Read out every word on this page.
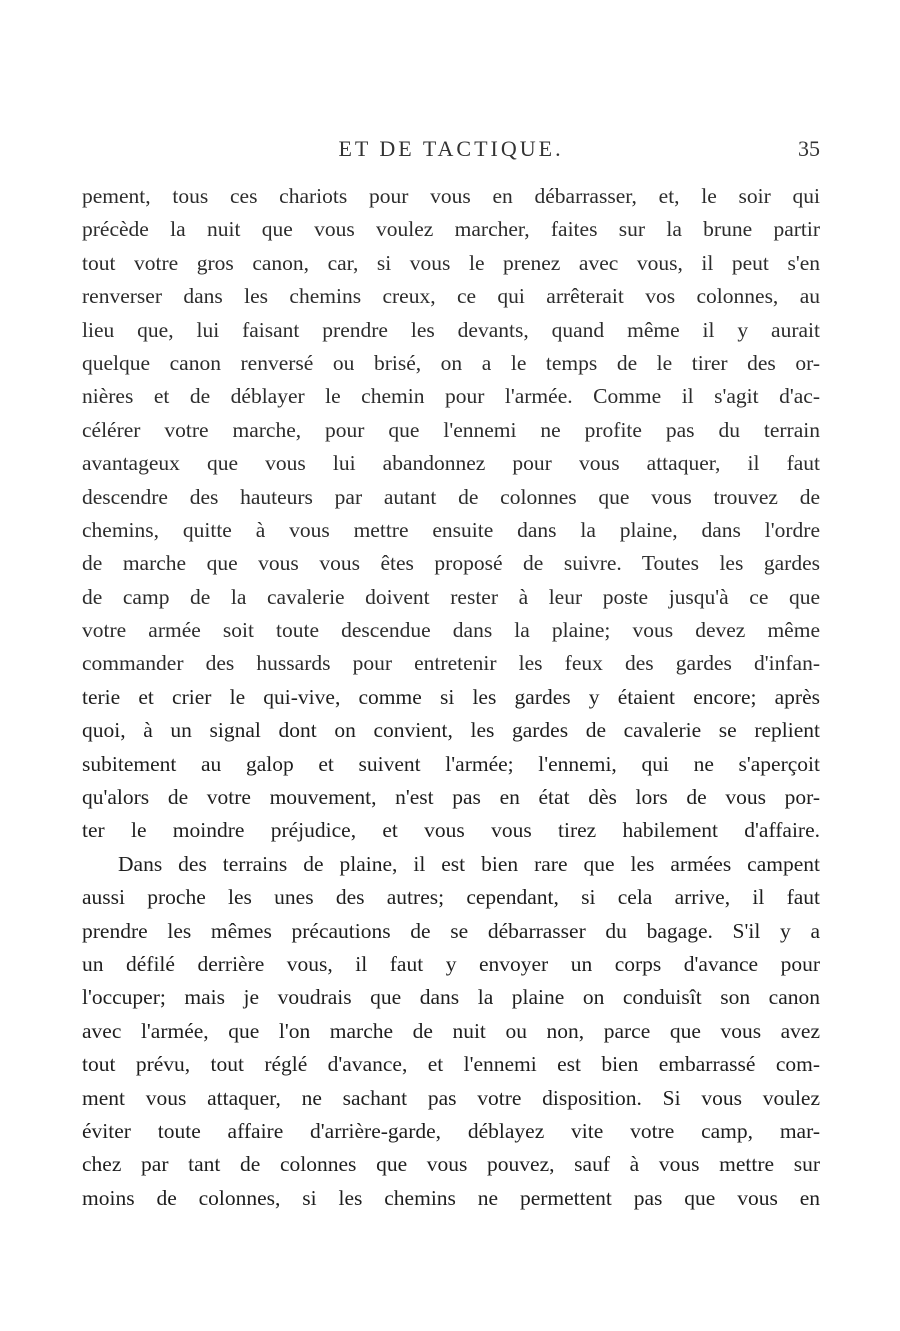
ET DE TACTIQUE.	35
pement, tous ces chariots pour vous en débarrasser, et, le soir qui
précède la nuit que vous voulez marcher, faites sur la brune partir
tout votre gros canon, car, si vous le prenez avec vous, il peut s'en
renverser dans les chemins creux, ce qui arrêterait vos colonnes, au
lieu que, lui faisant prendre les devants, quand même il y aurait
quelque canon renversé ou brisé, on a le temps de le tirer des or-
nières et de déblayer le chemin pour l'armée. Comme il s'agit d'ac-
célérer votre marche, pour que l'ennemi ne profite pas du terrain
avantageux que vous lui abandonnez pour vous attaquer, il faut
descendre des hauteurs par autant de colonnes que vous trouvez de
chemins, quitte à vous mettre ensuite dans la plaine, dans l'ordre
de marche que vous vous êtes proposé de suivre. Toutes les gardes
de camp de la cavalerie doivent rester à leur poste jusqu'à ce que
votre armée soit toute descendue dans la plaine; vous devez même
commander des hussards pour entretenir les feux des gardes d'infan-
terie et crier le qui-vive, comme si les gardes y étaient encore; après
quoi, à un signal dont on convient, les gardes de cavalerie se replient
subitement au galop et suivent l'armée; l'ennemi, qui ne s'aperçoit
qu'alors de votre mouvement, n'est pas en état dès lors de vous por-
ter le moindre préjudice, et vous vous tirez habilement d'affaire.
Dans des terrains de plaine, il est bien rare que les armées campent
aussi proche les unes des autres; cependant, si cela arrive, il faut
prendre les mêmes précautions de se débarrasser du bagage. S'il y a
un défilé derrière vous, il faut y envoyer un corps d'avance pour
l'occuper; mais je voudrais que dans la plaine on conduisît son canon
avec l'armée, que l'on marche de nuit ou non, parce que vous avez
tout prévu, tout réglé d'avance, et l'ennemi est bien embarrassé com-
ment vous attaquer, ne sachant pas votre disposition. Si vous voulez
éviter toute affaire d'arrière-garde, déblayez vite votre camp, mar-
chez par tant de colonnes que vous pouvez, sauf à vous mettre sur
moins de colonnes, si les chemins ne permettent pas que vous en
